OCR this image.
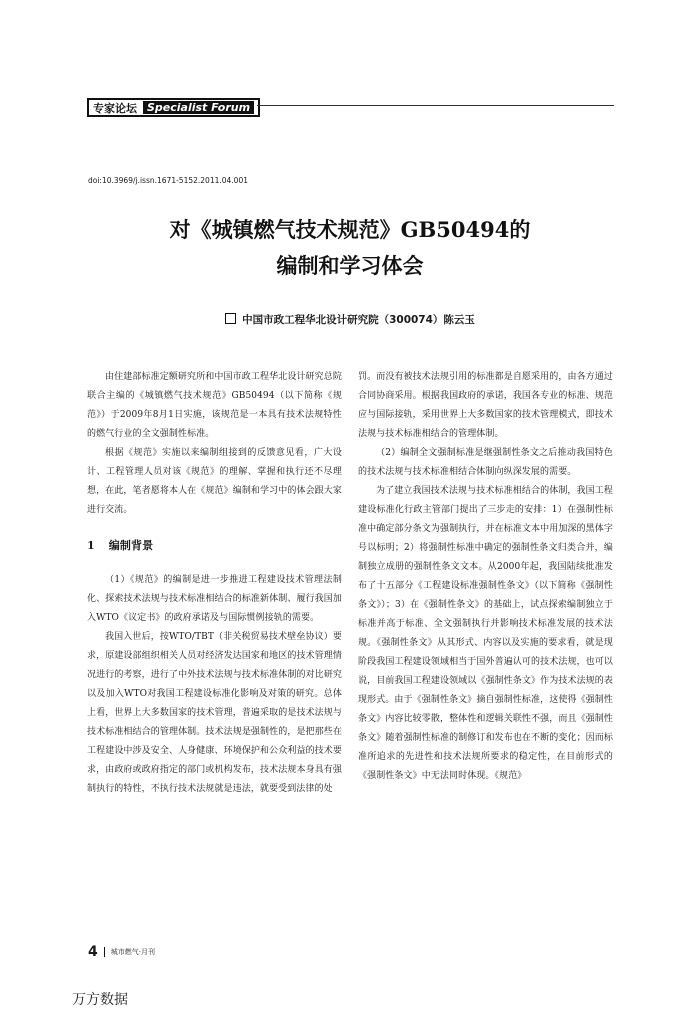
专家论坛 Specialist Forum
doi:10.3969/j.issn.1671-5152.2011.04.001
对《城镇燃气技术规范》GB50494的
编制和学习体会
中国市政工程华北设计研究院（300074）陈云玉

由住建部标准定额研究所和中国市政工程华北设计研究总院联合主编的《城镇燃气技术规范》GB50494（以下简称《规范》）于2009年8月1日实施，该规范是一本具有技术法规特性的燃气行业的全文强制性标准。

根据《规范》实施以来编制组接到的反馈意见看，广大设计、工程管理人员对该《规范》的理解、掌握和执行还不尽理想，在此，笔者愿将本人在《规范》编制和学习中的体会跟大家进行交流。

1 编制背景

（1）《规范》的编制是进一步推进工程建设技术管理法制化、探索技术法规与技术标准相结合的标准新体制、履行我国加入WTO《议定书》的政府承诺及与国际惯例接轨的需要。

我国入世后，按WTO/TBT（非关税贸易技术壁垒协议）要求，原建设部组织相关人员对经济发达国家和地区的技术管理情况进行的考察，进行了中外技术法规与技术标准体制的对比研究以及加入WTO对我国工程建设标准化影响及对策的研究。总体上看，世界上大多数国家的技术管理，普遍采取的是技术法规与技术标准相结合的管理体制。技术法规是强制性的，是把那些在工程建设中涉及安全、人身健康、环境保护和公众利益的技术要求，由政府或政府指定的部门或机构发布，技术法规本身具有强制执行的特性，不执行技术法规就是违法，就要受到法律的处

罚。而没有被技术法规引用的标准都是自愿采用的，由各方通过合同协商采用。根据我国政府的承诺，我国各专业的标准、规范应与国际接轨，采用世界上大多数国家的技术管理模式，即技术法规与技术标准相结合的管理体制。

（2）编制全文强制标准是继强制性条文之后推动我国特色的技术法规与技术标准相结合体制向纵深发展的需要。

为了建立我国技术法规与技术标准相结合的体制，我国工程建设标准化行政主管部门提出了三步走的安排：1）在强制性标准中确定部分条文为强制执行，并在标准文本中用加深的黑体字号以标明；2）将强制性标准中确定的强制性条文归类合并，编制独立成册的强制性条文文本。从2000年起，我国陆续批准发布了十五部分《工程建设标准强制性条文》（以下简称《强制性条文》）；3）在《强制性条文》的基础上，试点探索编制独立于标准并高于标准、全文强制执行并影响技术标准发展的技术法规。《强制性条文》从其形式、内容以及实施的要求看，就是现阶段我国工程建设领域相当于国外普遍认可的技术法规，也可以说，目前我国工程建设领域以《强制性条文》作为技术法规的表现形式。由于《强制性条文》摘自强制性标准，这使得《强制性条文》内容比较零散，整体性和逻辑关联性不强，而且《强制性条文》随着强制性标准的制修订和发布也在不断的变化；因而标准所追求的先进性和技术法规所要求的稳定性，在目前形式的《强制性条文》中无法同时体现。《规范》

4	城市燃气·月刊
万方数据
